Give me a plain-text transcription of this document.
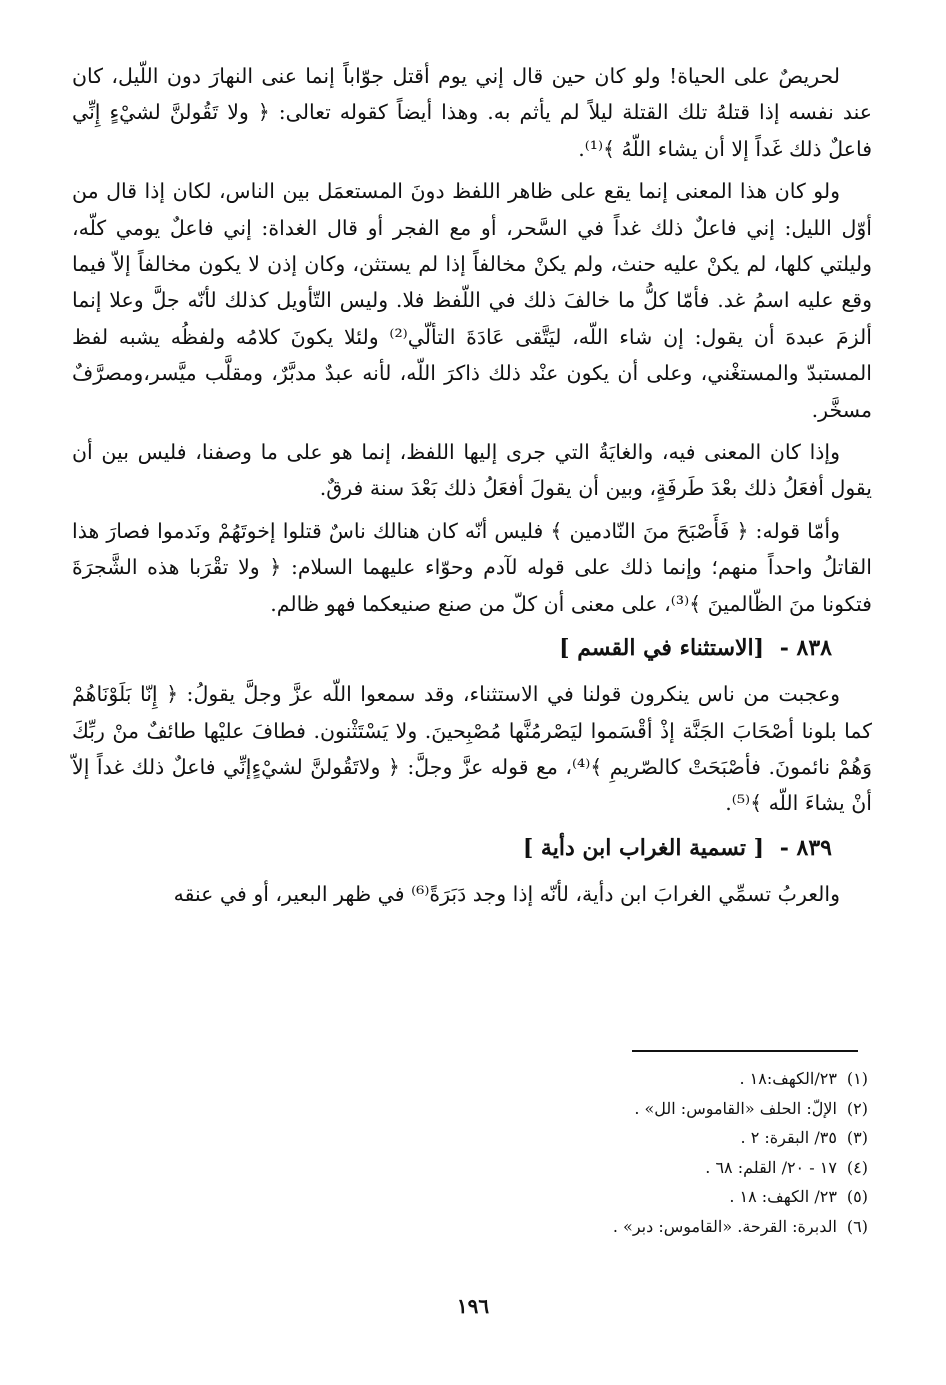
لحريصٌ على الحياة! ولو كان حين قال إني يوم أقتل جوّاباً إنما عنى النهارَ دون اللّيل، كان عند نفسه إذا قتلهُ تلك القتلة ليلاً لم يأثم به. وهذا أيضاً كقوله تعالى: ﴿ ولا تَقُولنَّ لشيْءٍ إِنِّي فاعلٌ ذلك غَداً إلا أن يشاء اللّهُ ﴾⁽¹⁾.

ولو كان هذا المعنى إنما يقع على ظاهر اللفظ دونَ المستعمَل بين الناس، لكان إذا قال من أوّل الليل: إني فاعلٌ ذلك غداً في السَّحر، أو مع الفجر أو قال الغداة: إني فاعلٌ يومي كلّه، وليلتي كلها، لم يكنْ عليه حنث، ولم يكنْ مخالفاً إذا لم يستثن، وكان إذن لا يكون مخالفاً إلاّ فيما وقع عليه اسمُ غد. فأمّا كلُّ ما خالفَ ذلك في اللّفظ فلا. وليس التّأويل كذلك لأنّه جلَّ وعلا إنما ألزمَ عبدهَ أن يقول: إن شاء اللّه، ليَتَّقى عَادَةَ التألّي⁽²⁾ ولئلا يكونَ كلامُه ولفظُه يشبه لفظ المستبدّ والمستغْني، وعلى أن يكون عنْد ذلك ذاكرَ اللّه، لأنه عبدٌ مدبَّرٌ، ومقلَّب ميَّسر،ومصرَّفٌ مسخَّر.

وإذا كان المعنى فيه، والغايَةُ التي جرى إليها اللفظ، إنما هو على ما وصفنا، فليس بين أن يقول أفعَلُ ذلك بعْدَ طَرفَةٍ، وبين أن يقولَ أفعَلُ ذلك بَعْدَ سنة فرقٌ.

وأمّا قوله: ﴿ فَأَصْبَحَ منَ النّادمين ﴾ فليس أنّه كان هنالك ناسٌ قتلوا إخوتَهُمْ ونَدموا فصارَ هذا القاتلُ واحداً منهم؛ وإنما ذلك على قوله لآدم وحوّاء عليهما السلام: ﴿ ولا تقْرَبا هذه الشَّجرَةَ فتكونا منَ الظّالمينَ ﴾⁽³⁾، على معنى أن كلّ من صنع صنيعكما فهو ظالم.

٨٣٨ - [الاستثناء في القسم ]

وعجبت من ناس ينكرون قولنا في الاستثناء، وقد سمعوا اللّه عزَّ وجلَّ يقولُ: ﴿ إِنّا بَلَوْنَاهُمْ كما بلونا أصْحَابَ الجَنَّة إذْ أقْسَموا ليَصْرمُنَّها مُصْبِحينَ. ولا يَسْتَثْنون. فطافَ عليْها طائفٌ منْ ربِّكَ وَهُمْ نائمونَ. فأصْبَحَتْ كالصّريمِ ﴾⁽⁴⁾، مع قوله عزَّ وجلَّ: ﴿ ولاتَقُولنَّ لشيْءٍإنِّي فاعلٌ ذلك غداً إلاّ أنْ يشاءَ اللّه ﴾⁽⁵⁾.

٨٣٩ - [ تسمية الغراب ابن دأية ]

والعربُ تسمِّي الغرابَ ابن دأية، لأنّه إذا وجد دَبَرَةً⁽⁶⁾ في ظهر البعير، أو في عنقه

(١)٢٣/الكهف:١٨ .
(٢)الإلّ: الحلف «القاموس: الل» .
(٣)٣٥/ البقرة: ٢ .
(٤)١٧ - ٢٠/ القلم: ٦٨ .
(٥)٢٣/ الكهف: ١٨ .
(٦)الدبرة: القرحة. «القاموس: دبر» .
١٩٦
